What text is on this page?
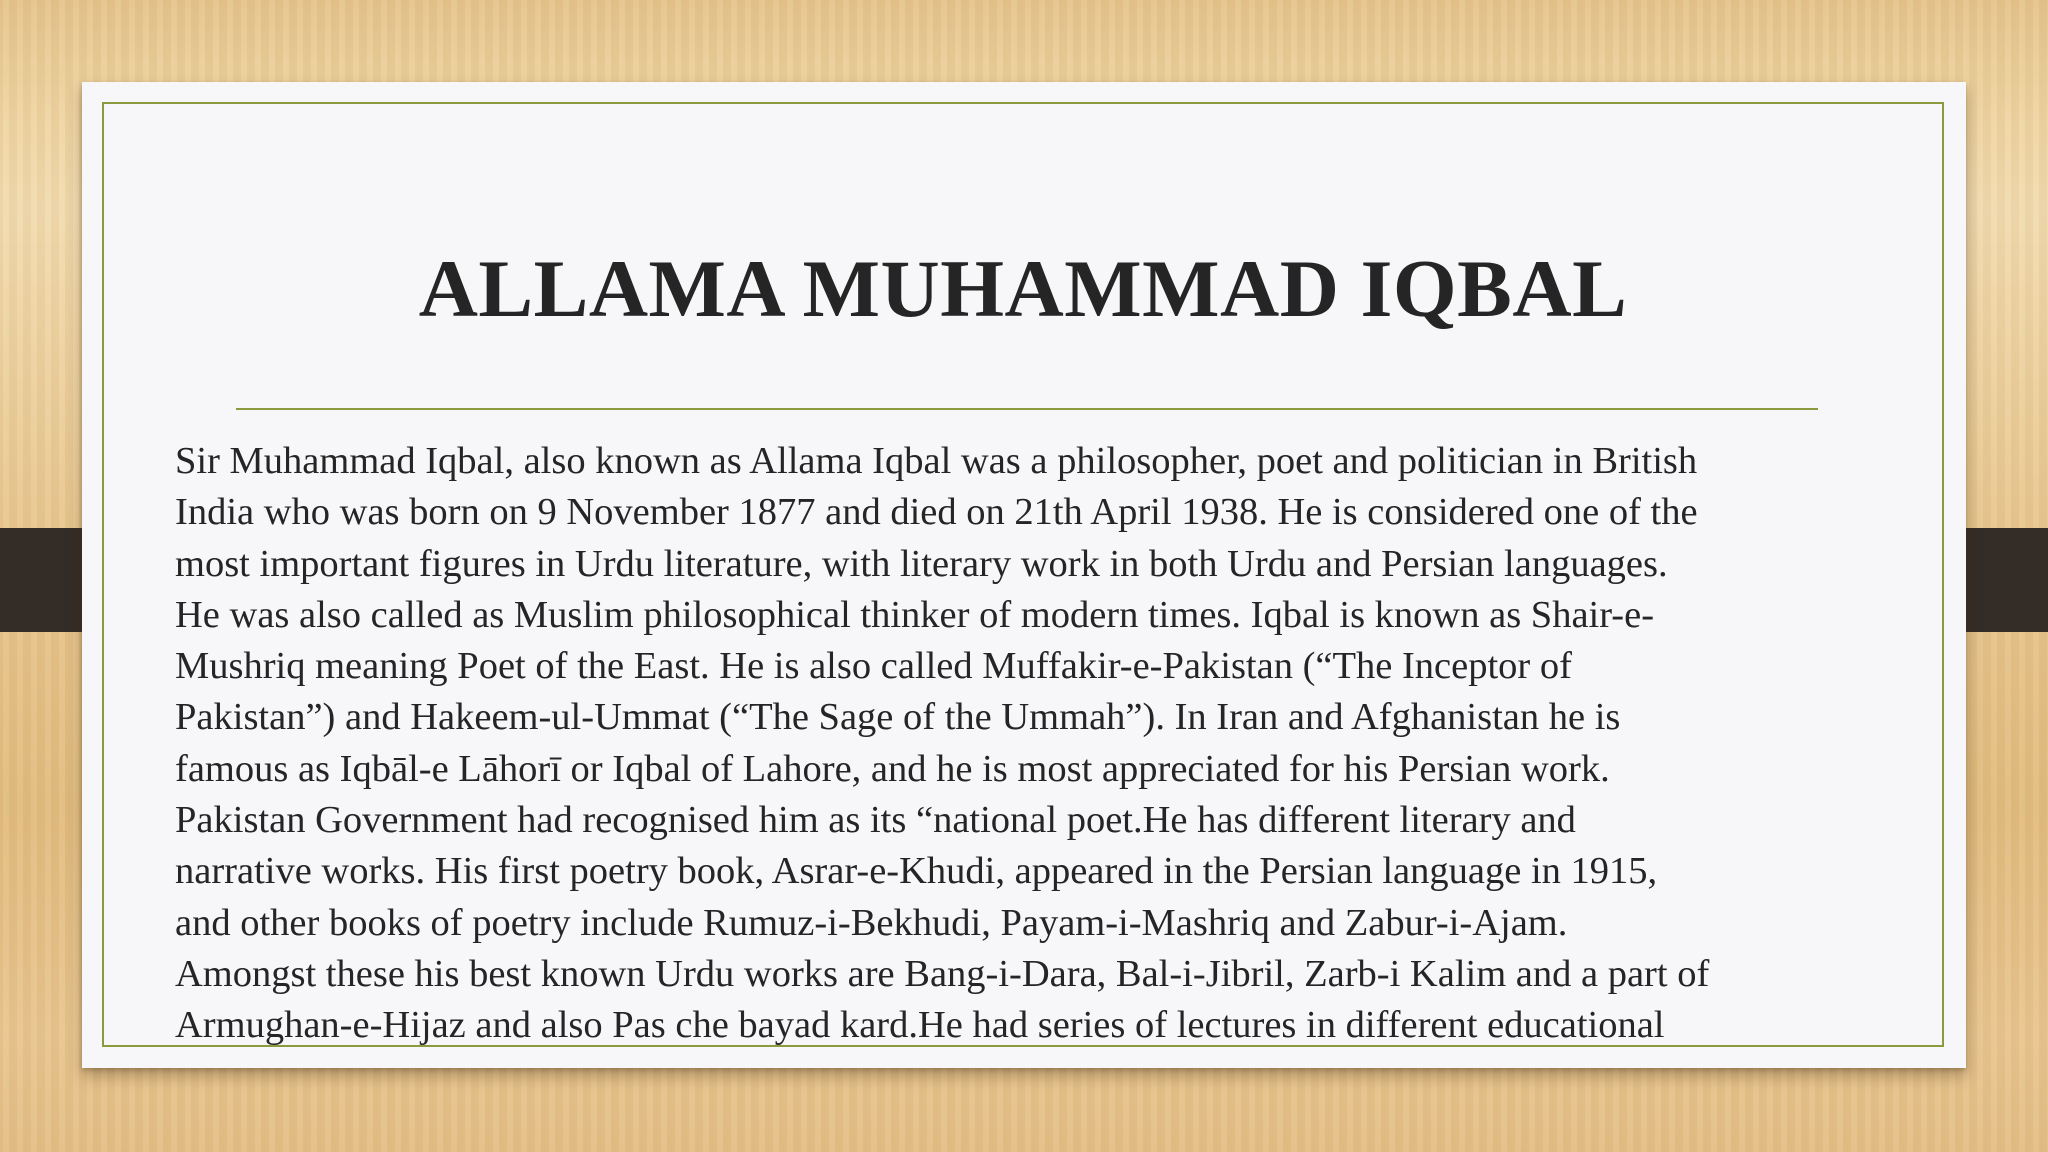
ALLAMA MUHAMMAD IQBAL
Sir Muhammad Iqbal, also known as Allama Iqbal was a philosopher, poet and politician in British
India who was born on 9 November 1877 and died on 21th April 1938. He is considered one of the
most important figures in Urdu literature, with literary work in both Urdu and Persian languages.
He was also called as Muslim philosophical thinker of modern times. Iqbal is known as Shair-e-
Mushriq meaning Poet of the East. He is also called Muffakir-e-Pakistan (“The Inceptor of
Pakistan”) and Hakeem-ul-Ummat (“The Sage of the Ummah”). In Iran and Afghanistan he is
famous as Iqbāl-e Lāhorī or Iqbal of Lahore, and he is most appreciated for his Persian work.
Pakistan Government had recognised him as its “national poet.He has different literary and
narrative works. His first poetry book, Asrar-e-Khudi, appeared in the Persian language in 1915,
and other books of poetry include Rumuz-i-Bekhudi, Payam-i-Mashriq and Zabur-i-Ajam.
Amongst these his best known Urdu works are Bang-i-Dara, Bal-i-Jibril, Zarb-i Kalim and a part of
Armughan-e-Hijaz and also Pas che bayad kard.He had series of lectures in different educational
